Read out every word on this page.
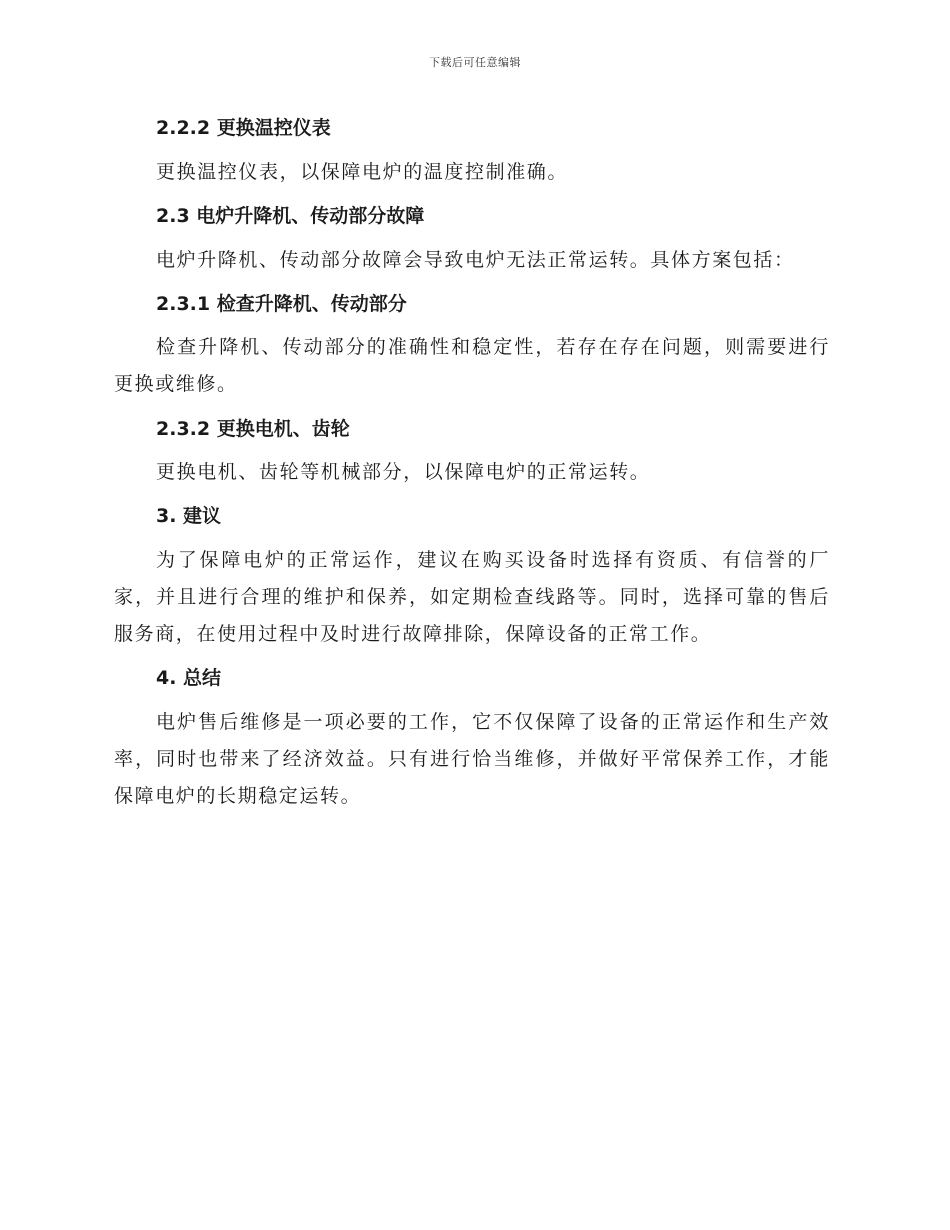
下载后可任意编辑

2.2.2 更换温控仪表

更换温控仪表，以保障电炉的温度控制准确。

2.3 电炉升降机、传动部分故障

电炉升降机、传动部分故障会导致电炉无法正常运转。具体方案包括：

2.3.1 检查升降机、传动部分

检查升降机、传动部分的准确性和稳定性，若存在存在问题，则需要进行更换或维修。

2.3.2 更换电机、齿轮

更换电机、齿轮等机械部分，以保障电炉的正常运转。

3. 建议

为了保障电炉的正常运作，建议在购买设备时选择有资质、有信誉的厂家，并且进行合理的维护和保养，如定期检查线路等。同时，选择可靠的售后服务商，在使用过程中及时进行故障排除，保障设备的正常工作。

4. 总结

电炉售后维修是一项必要的工作，它不仅保障了设备的正常运作和生产效率，同时也带来了经济效益。只有进行恰当维修，并做好平常保养工作，才能保障电炉的长期稳定运转。
